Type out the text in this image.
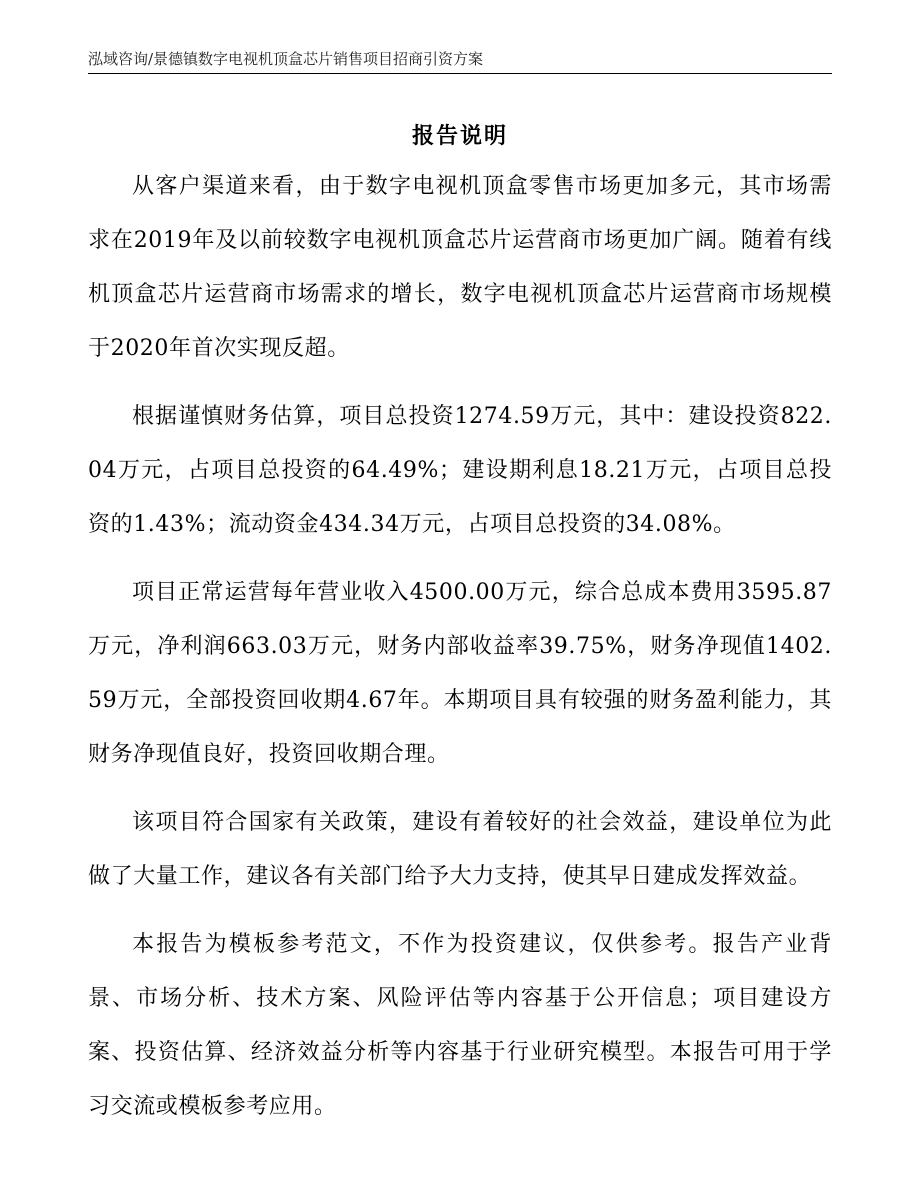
泓域咨询/景德镇数字电视机顶盒芯片销售项目招商引资方案
报告说明

从客户渠道来看，由于数字电视机顶盒零售市场更加多元，其市场需求在2019年及以前较数字电视机顶盒芯片运营商市场更加广阔。随着有线机顶盒芯片运营商市场需求的增长，数字电视机顶盒芯片运营商市场规模于2020年首次实现反超。

根据谨慎财务估算，项目总投资1274.59万元，其中：建设投资822.04万元，占项目总投资的64.49%；建设期利息18.21万元，占项目总投资的1.43%；流动资金434.34万元，占项目总投资的34.08%。

项目正常运营每年营业收入4500.00万元，综合总成本费用3595.87万元，净利润663.03万元，财务内部收益率39.75%，财务净现值1402.59万元，全部投资回收期4.67年。本期项目具有较强的财务盈利能力，其财务净现值良好，投资回收期合理。

该项目符合国家有关政策，建设有着较好的社会效益，建设单位为此做了大量工作，建议各有关部门给予大力支持，使其早日建成发挥效益。

本报告为模板参考范文，不作为投资建议，仅供参考。报告产业背景、市场分析、技术方案、风险评估等内容基于公开信息；项目建设方案、投资估算、经济效益分析等内容基于行业研究模型。本报告可用于学习交流或模板参考应用。
